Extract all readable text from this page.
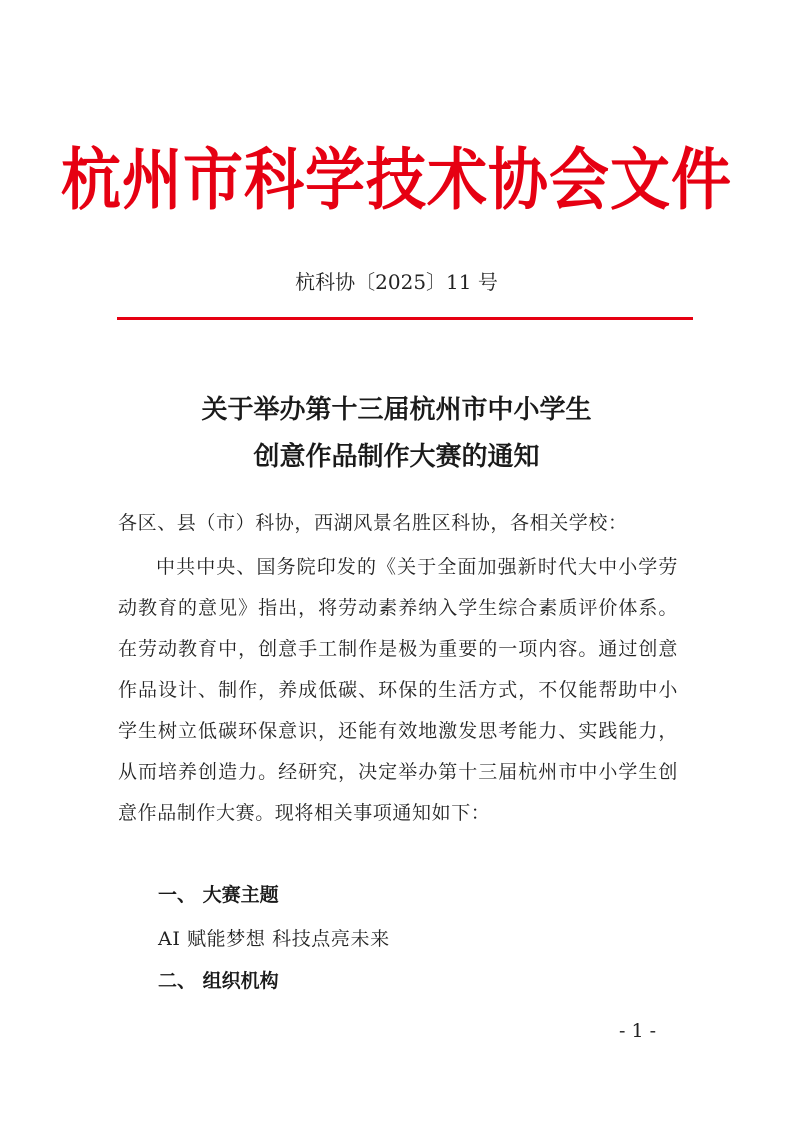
杭州市科学技术协会文件
杭科协〔2025〕11 号
关于举办第十三届杭州市中小学生
创意作品制作大赛的通知
各区、县（市）科协，西湖风景名胜区科协，各相关学校：
中共中央、国务院印发的《关于全面加强新时代大中小学劳动教育的意见》指出，将劳动素养纳入学生综合素质评价体系。在劳动教育中，创意手工制作是极为重要的一项内容。通过创意作品设计、制作，养成低碳、环保的生活方式，不仅能帮助中小学生树立低碳环保意识，还能有效地激发思考能力、实践能力，从而培养创造力。经研究，决定举办第十三届杭州市中小学生创意作品制作大赛。现将相关事项通知如下：
一、 大赛主题
AI 赋能梦想 科技点亮未来
二、 组织机构
- 1 -
